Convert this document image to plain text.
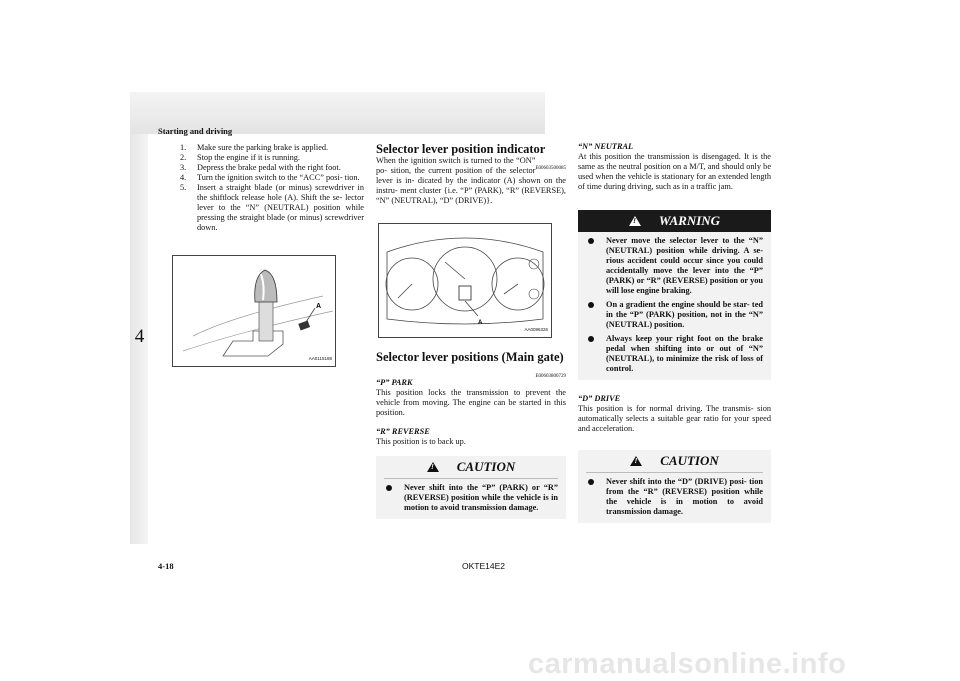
Starting and driving
4
1. Make sure the parking brake is applied.
2. Stop the engine if it is running.
3. Depress the brake pedal with the right foot.
4. Turn the ignition switch to the “ACC” posi- tion.
5. Insert a straight blade (or minus) screwdriver in the shiftlock release hole (A). Shift the se- lector lever to the “N” (NEUTRAL) position while pressing the straight blade (or minus) screwdriver down.
A
AA0115188
Selector lever position indicator
E00603500085

When the ignition switch is turned to the “ON” po- sition, the current position of the selector lever is in- dicated by the indicator (A) shown on the instru- ment cluster {i.e. “P” (PARK), “R” (REVERSE), “N” (NEUTRAL), “D” (DRIVE)}.

A
AA0096326
Selector lever positions (Main gate)
E00603800729

“P” PARK

This position locks the transmission to prevent the vehicle from moving. The engine can be started in this position.

“R” REVERSE

This position is to back up.

!
CAUTION
Never shift into the “P” (PARK) or “R” (REVERSE) position while the vehicle is in motion to avoid transmission damage.

“N” NEUTRAL

At this position the transmission is disengaged. It is the same as the neutral position on a M/T, and should only be used when the vehicle is stationary for an extended length of time during driving, such as in a traffic jam.

!
WARNING
Never move the selector lever to the “N” (NEUTRAL) position while driving. A se- rious accident could occur since you could accidentally move the lever into the “P” (PARK) or “R” (REVERSE) position or you will lose engine braking.
On a gradient the engine should be star- ted in the “P” (PARK) position, not in the “N” (NEUTRAL) position.
Always keep your right foot on the brake pedal when shifting into or out of “N” (NEUTRAL), to minimize the risk of loss of control.

“D” DRIVE

This position is for normal driving. The transmis- sion automatically selects a suitable gear ratio for your speed and acceleration.

!
CAUTION
Never shift into the “D” (DRIVE) posi- tion from the “R” (REVERSE) position while the vehicle is in motion to avoid transmission damage.
4-18	OKTE14E2
carmanualsonline.info
